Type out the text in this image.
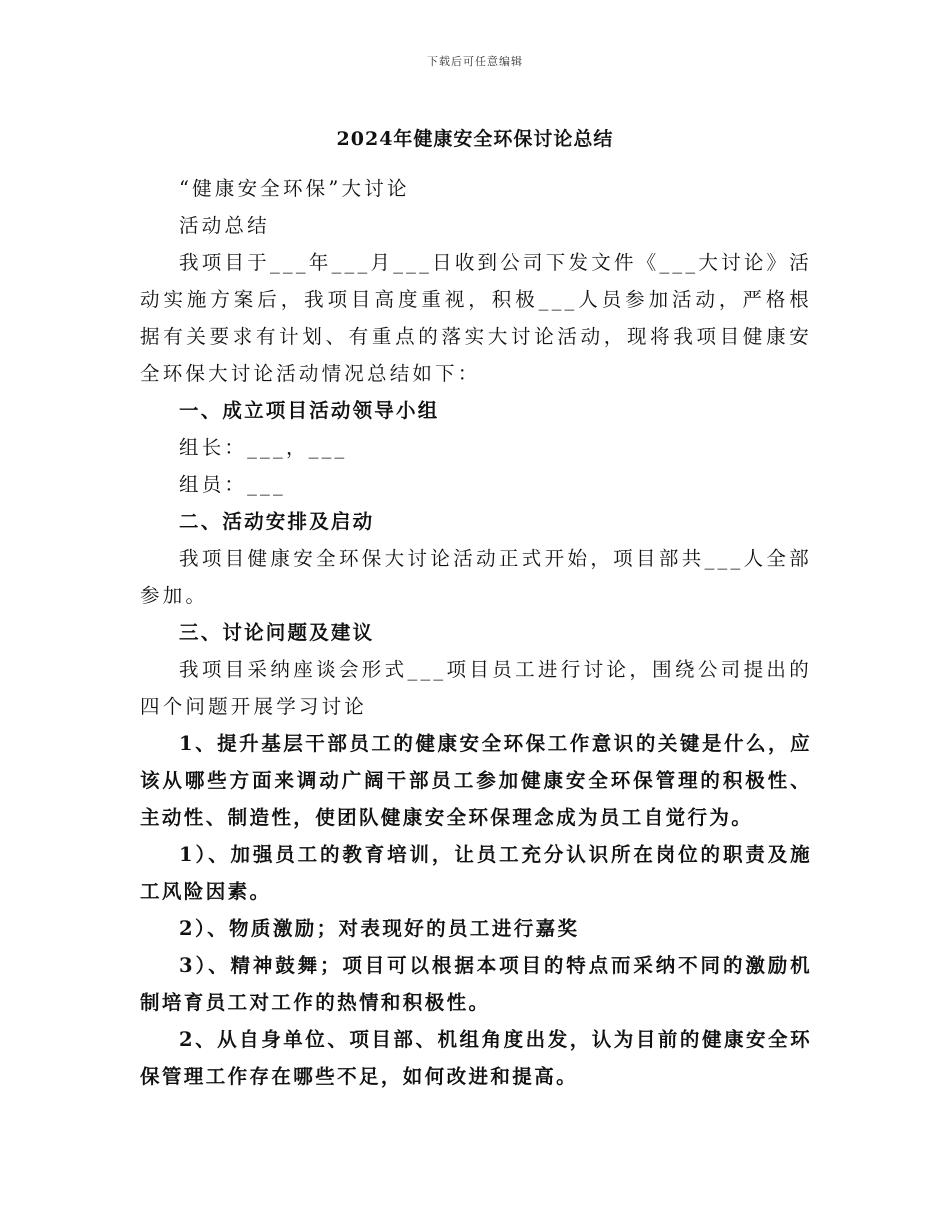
下载后可任意编辑
2024年健康安全环保讨论总结

“健康安全环保”大讨论

活动总结

我项目于___年___月___日收到公司下发文件《___大讨论》活动实施方案后，我项目高度重视，积极___人员参加活动，严格根据有关要求有计划、有重点的落实大讨论活动，现将我项目健康安全环保大讨论活动情况总结如下：

一、成立项目活动领导小组

组长：___，___

组员：___

二、活动安排及启动

我项目健康安全环保大讨论活动正式开始，项目部共___人全部参加。

三、讨论问题及建议

我项目采纳座谈会形式___项目员工进行讨论，围绕公司提出的四个问题开展学习讨论

1、提升基层干部员工的健康安全环保工作意识的关键是什么，应该从哪些方面来调动广阔干部员工参加健康安全环保管理的积极性、主动性、制造性，使团队健康安全环保理念成为员工自觉行为。

1）、加强员工的教育培训，让员工充分认识所在岗位的职责及施工风险因素。

2）、物质激励；对表现好的员工进行嘉奖

3）、精神鼓舞；项目可以根据本项目的特点而采纳不同的激励机制培育员工对工作的热情和积极性。

2、从自身单位、项目部、机组角度出发，认为目前的健康安全环保管理工作存在哪些不足，如何改进和提高。
